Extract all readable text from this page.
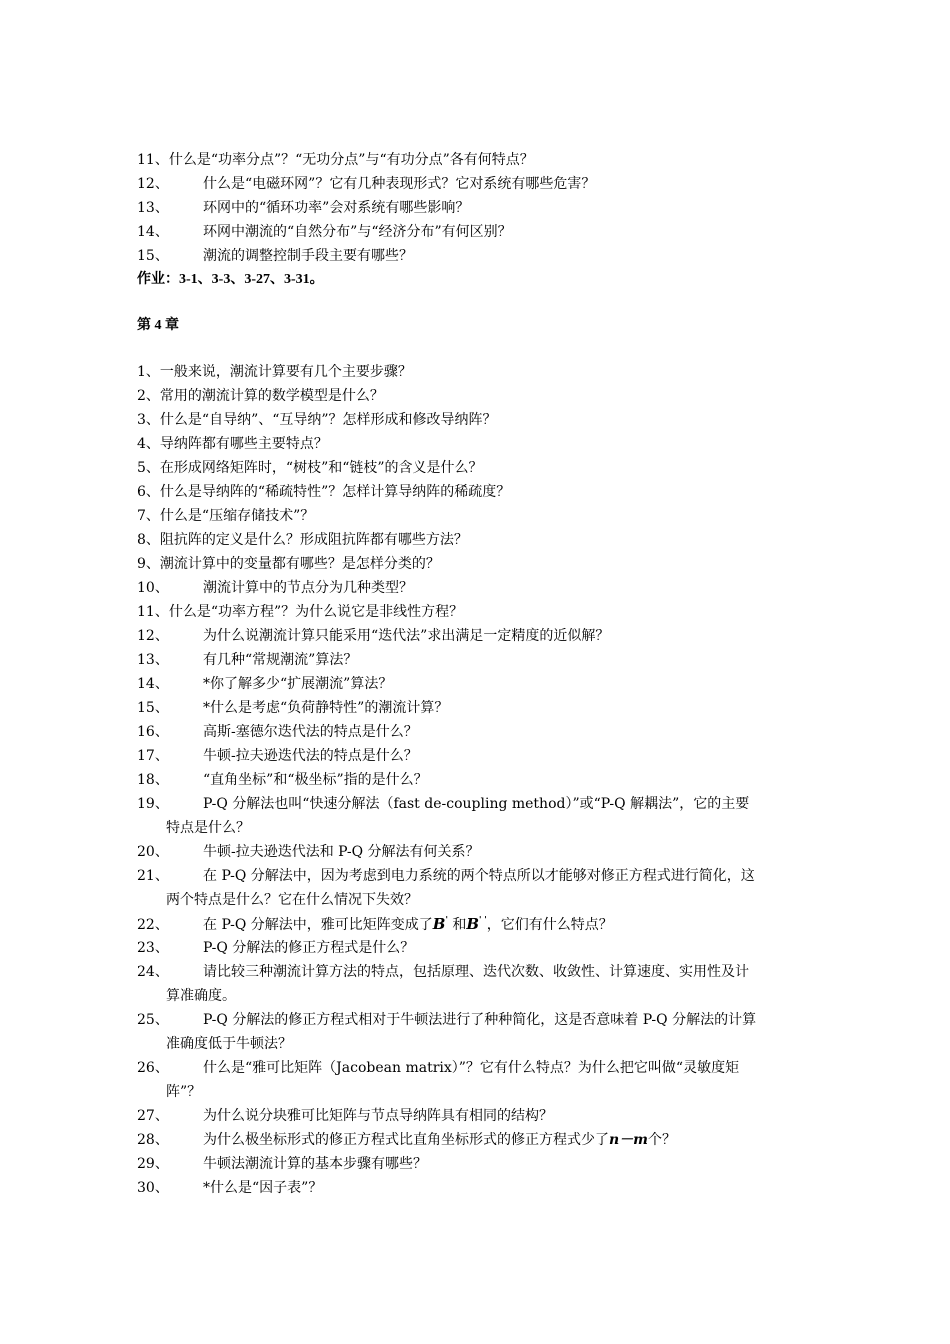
11、什么是“功率分点”？“无功分点”与“有功分点”各有何特点？
12、 什么是“电磁环网”？它有几种表现形式？它对系统有哪些危害？
13、 环网中的“循环功率”会对系统有哪些影响？
14、 环网中潮流的“自然分布”与“经济分布”有何区别？
15、 潮流的调整控制手段主要有哪些？
作业：3-1、3-3、3-27、3-31。
第 4 章
1、一般来说，潮流计算要有几个主要步骤？
2、常用的潮流计算的数学模型是什么？
3、什么是“自导纳”、“互导纳”？怎样形成和修改导纳阵？
4、导纳阵都有哪些主要特点？
5、在形成网络矩阵时，“树枝”和“链枝”的含义是什么？
6、什么是导纳阵的“稀疏特性”？怎样计算导纳阵的稀疏度？
7、什么是“压缩存储技术”？
8、阻抗阵的定义是什么？形成阻抗阵都有哪些方法？
9、潮流计算中的变量都有哪些？是怎样分类的？
10、 潮流计算中的节点分为几种类型？
11、什么是“功率方程”？为什么说它是非线性方程？
12、 为什么说潮流计算只能采用“迭代法”求出满足一定精度的近似解？
13、 有几种“常规潮流”算法？
14、 *你了解多少“扩展潮流”算法？
15、 *什么是考虑“负荷静特性”的潮流计算？
16、 高斯-塞德尔迭代法的特点是什么？
17、 牛顿-拉夫逊迭代法的特点是什么？
18、 “直角坐标”和“极坐标”指的是什么？
19、 P-Q 分解法也叫“快速分解法（fast de-coupling method）”或“P-Q 解耦法”，它的主要
特点是什么？
20、 牛顿-拉夫逊迭代法和 P-Q 分解法有何关系？
21、 在 P-Q 分解法中，因为考虑到电力系统的两个特点所以才能够对修正方程式进行简化，这
两个特点是什么？它在什么情况下失效？
22、 在 P-Q 分解法中，雅可比矩阵变成了B' 和B' '，它们有什么特点？
23、 P-Q 分解法的修正方程式是什么？
24、 请比较三种潮流计算方法的特点，包括原理、迭代次数、收敛性、计算速度、实用性及计
算准确度。
25、 P-Q 分解法的修正方程式相对于牛顿法进行了种种简化，这是否意味着 P-Q 分解法的计算
准确度低于牛顿法？
26、 什么是“雅可比矩阵（Jacobean matrix）”？它有什么特点？为什么把它叫做“灵敏度矩
阵”？
27、 为什么说分块雅可比矩阵与节点导纳阵具有相同的结构？
28、 为什么极坐标形式的修正方程式比直角坐标形式的修正方程式少了n－m个？
29、 牛顿法潮流计算的基本步骤有哪些？
30、 *什么是“因子表”？
